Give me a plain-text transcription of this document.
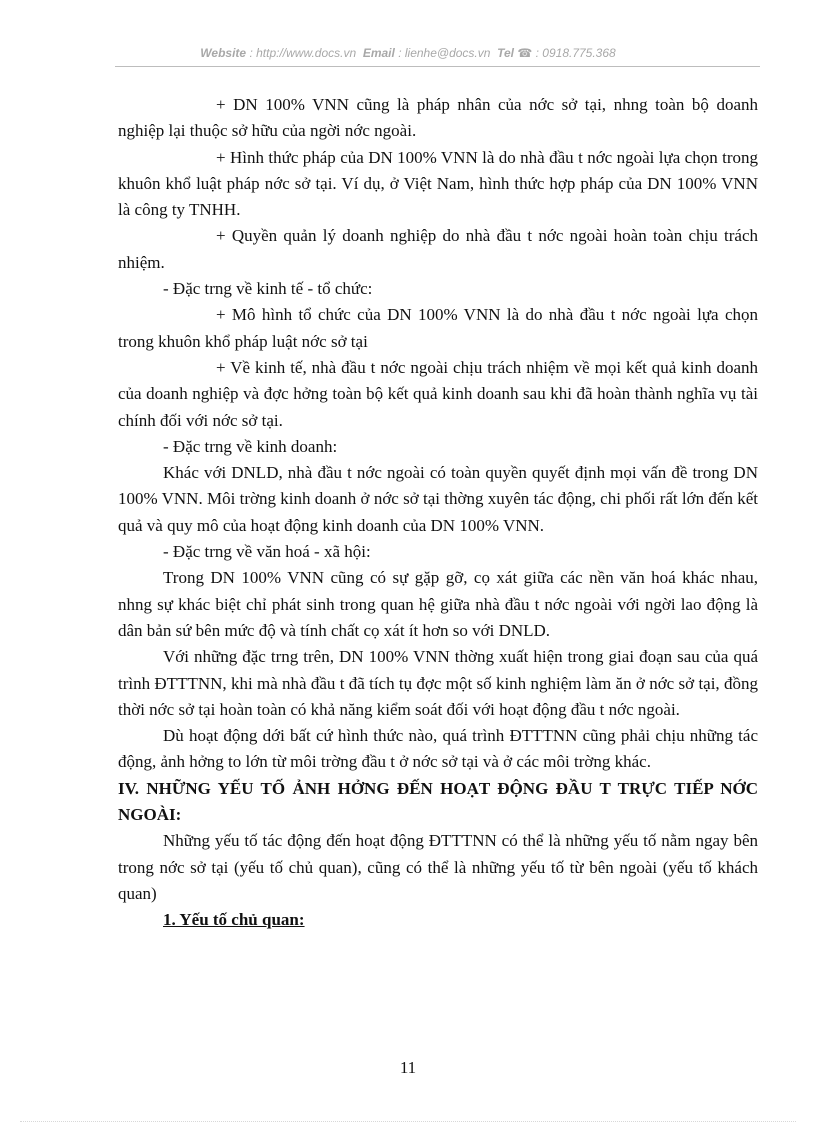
Website : http://www.docs.vn Email : lienhe@docs.vn Tel ☎ : 0918.775.368

+ DN 100% VNN cũng là pháp nhân của nớc sở tại, nhng toàn bộ doanh nghiệp lại thuộc sở hữu của ngời nớc ngoài.

+ Hình thức pháp của DN 100% VNN là do nhà đầu t nớc ngoài lựa chọn trong khuôn khổ luật pháp nớc sở tại. Ví dụ, ở Việt Nam, hình thức hợp pháp của DN 100% VNN là công ty TNHH.

+ Quyền quản lý doanh nghiệp do nhà đầu t nớc ngoài hoàn toàn chịu trách nhiệm.

- Đặc trng về kinh tế - tổ chức:

+ Mô hình tổ chức của DN 100% VNN là do nhà đầu t nớc ngoài lựa chọn trong khuôn khổ pháp luật nớc sở tại

+ Về kinh tế, nhà đầu t nớc ngoài chịu trách nhiệm về mọi kết quả kinh doanh của doanh nghiệp và đợc hởng toàn bộ kết quả kinh doanh sau khi đã hoàn thành nghĩa vụ tài chính đối với nớc sở tại.

- Đặc trng về kinh doanh:

Khác với DNLD, nhà đầu t nớc ngoài có toàn quyền quyết định mọi vấn đề trong DN 100% VNN. Môi trờng kinh doanh ở nớc sở tại thờng xuyên tác động, chi phối rất lớn đến kết quả và quy mô của hoạt động kinh doanh của DN 100% VNN.

- Đặc trng về văn hoá - xã hội:

Trong DN 100% VNN cũng có sự gặp gỡ, cọ xát giữa các nền văn hoá khác nhau, nhng sự khác biệt chỉ phát sinh trong quan hệ giữa nhà đầu t nớc ngoài với ngời lao động là dân bản sứ bên mức độ và tính chất cọ xát ít hơn so với DNLD.

Với những đặc trng trên, DN 100% VNN thờng xuất hiện trong giai đoạn sau của quá trình ĐTTTNN, khi mà nhà đầu t đã tích tụ đợc một số kinh nghiệm làm ăn ở nớc sở tại, đồng thời nớc sở tại hoàn toàn có khả năng kiểm soát đối với hoạt động đầu t nớc ngoài.

Dù hoạt động dới bất cứ hình thức nào, quá trình ĐTTTNN cũng phải chịu những tác động, ảnh hởng to lớn từ môi trờng đầu t ở nớc sở tại và ở các môi trờng khác.

IV. NHỮNG YẾU TỐ ẢNH HỞNG ĐẾN HOẠT ĐỘNG ĐẦU T TRỰC TIẾP NỚC NGOÀI:

Những yếu tố tác động đến hoạt động ĐTTTNN có thể là những yếu tố nằm ngay bên trong nớc sở tại (yếu tố chủ quan), cũng có thể là những yếu tố từ bên ngoài (yếu tố khách quan)

1. Yếu tố chủ quan:

11
